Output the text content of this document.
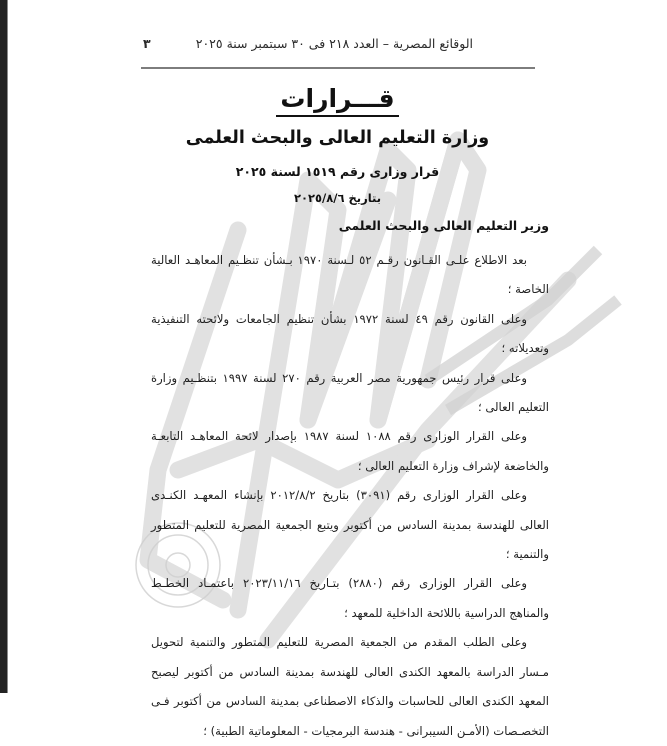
الوقائع المصرية – العدد ٢١٨ فى ٣٠ سبتمبر سنة ٢٠٢٥
٣
قـــرارات
وزارة التعليم العالى والبحث العلمى
قرار وزارى رقم ١٥١٩ لسنة ٢٠٢٥
بتاريخ ٢٠٢٥/٨/٦
وزير التعليم العالى والبحث العلمى

بعد الاطلاع علـى القـانون رقـم ٥٢ لـسنة ١٩٧٠ بـشأن تنظـيم المعاهـد العالية الخاصة ؛

وعلى القانون رقم ٤٩ لسنة ١٩٧٢ بشأن تنظيم الجامعات ولائحته التنفيذية وتعديلاته ؛

وعلى قرار رئيس جمهورية مصر العربية رقم ٢٧٠ لسنة ١٩٩٧ بتنظـيم وزارة التعليم العالى ؛

وعلى القرار الوزارى رقم ١٠٨٨ لسنة ١٩٨٧ بإصدار لائحة المعاهـد التابعـة والخاضعة لإشراف وزارة التعليم العالى ؛

وعلى القرار الوزارى رقم (٣٠٩١) بتاريخ ٢٠١٢/٨/٢ بإنشاء المعهـد الكنـدى العالى للهندسة بمدينة السادس من أكتوبر ويتبع الجمعية المصرية للتعليم المتطور والتنمية ؛

وعلى القرار الوزارى رقم (٢٨٨٠) بتـاريخ ٢٠٢٣/١١/١٦ باعتمـاد الخطـط والمناهج الدراسية باللائحة الداخلية للمعهد ؛

وعلى الطلب المقدم من الجمعية المصرية للتعليم المتطور والتنمية لتحويل مـسار الدراسة بالمعهد الكندى العالى للهندسة بمدينة السادس من أكتوبر ليصبح المعهد الكندى العالى للحاسبات والذكاء الاصطناعى بمدينة السادس من أكتوبر فـى التخصـصات (الأمـن السيبرانى - هندسة البرمجيات - المعلوماتية الطبية) ؛
